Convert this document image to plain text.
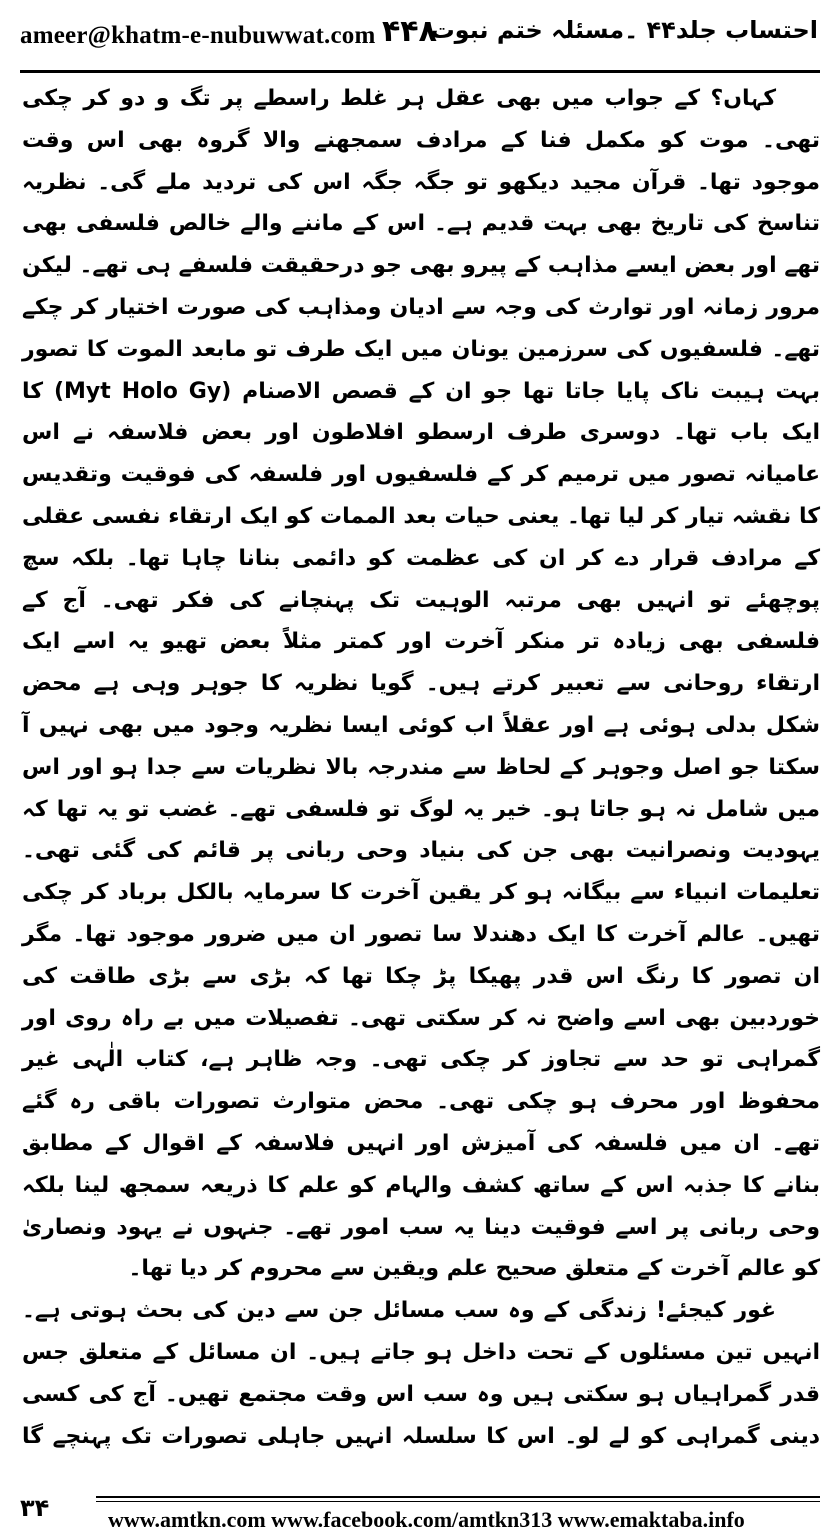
ameer@khatm-e-nubuwwat.com ۴۴۸
احتساب جلد۴۴ ۔مسئلہ ختم نبوت

کہاں؟ کے جواب میں بھی عقل ہر غلط راسطے پر تگ و دو کر چکی تھی۔ موت کو مکمل فنا کے مرادف سمجھنے والا گروہ بھی اس وقت موجود تھا۔ قرآن مجید دیکھو تو جگہ جگہ اس کی تردید ملے گی۔ نظریہ تناسخ کی تاریخ بھی بہت قدیم ہے۔ اس کے ماننے والے خالص فلسفی بھی تھے اور بعض ایسے مذاہب کے پیرو بھی جو درحقیقت فلسفے ہی تھے۔ لیکن مرور زمانہ اور توارث کی وجہ سے ادیان ومذاہب کی صورت اختیار کر چکے تھے۔ فلسفیوں کی سرزمین یونان میں ایک طرف تو مابعد الموت کا تصور بہت ہیبت ناک پایا جاتا تھا جو ان کے قصص الاصنام (Myt Holo Gy) کا ایک باب تھا۔ دوسری طرف ارسطو افلاطون اور بعض فلاسفہ نے اس عامیانہ تصور میں ترمیم کر کے فلسفیوں اور فلسفہ کی فوقیت وتقدیس کا نقشہ تیار کر لیا تھا۔ یعنی حیات بعد الممات کو ایک ارتقاء نفسی عقلی کے مرادف قرار دے کر ان کی عظمت کو دائمی بنانا چاہا تھا۔ بلکہ سچ پوچھئے تو انہیں بھی مرتبہ الوہیت تک پہنچانے کی فکر تھی۔ آج کے فلسفی بھی زیادہ تر منکر آخرت اور کمتر مثلاً بعض تھیو یہ اسے ایک ارتقاء روحانی سے تعبیر کرتے ہیں۔ گویا نظریہ کا جوہر وہی ہے محض شکل بدلی ہوئی ہے اور عقلاً اب کوئی ایسا نظریہ وجود میں بھی نہیں آ سکتا جو اصل وجوہر کے لحاظ سے مندرجہ بالا نظریات سے جدا ہو اور اس میں شامل نہ ہو جاتا ہو۔ خیر یہ لوگ تو فلسفی تھے۔ غضب تو یہ تھا کہ یہودیت ونصرانیت بھی جن کی بنیاد وحی ربانی پر قائم کی گئی تھی۔ تعلیمات انبیاء سے بیگانہ ہو کر یقین آخرت کا سرمایہ بالکل برباد کر چکی تھیں۔ عالم آخرت کا ایک دھندلا سا تصور ان میں ضرور موجود تھا۔ مگر ان تصور کا رنگ اس قدر پھیکا پڑ چکا تھا کہ بڑی سے بڑی طاقت کی خوردبین بھی اسے واضح نہ کر سکتی تھی۔ تفصیلات میں بے راہ روی اور گمراہی تو حد سے تجاوز کر چکی تھی۔ وجہ ظاہر ہے، کتاب الٰہی غیر محفوظ اور محرف ہو چکی تھی۔ محض متوارث تصورات باقی رہ گئے تھے۔ ان میں فلسفہ کی آمیزش اور انہیں فلاسفہ کے اقوال کے مطابق بنانے کا جذبہ اس کے ساتھ کشف والہام کو علم کا ذریعہ سمجھ لینا بلکہ وحی ربانی پر اسے فوقیت دینا یہ سب امور تھے۔ جنہوں نے یہود ونصاریٰ کو عالم آخرت کے متعلق صحیح علم ویقین سے محروم کر دیا تھا۔

غور کیجئے! زندگی کے وہ سب مسائل جن سے دین کی بحث ہوتی ہے۔ انہیں تین مسئلوں کے تحت داخل ہو جاتے ہیں۔ ان مسائل کے متعلق جس قدر گمراہیاں ہو سکتی ہیں وہ سب اس وقت مجتمع تھیں۔ آج کی کسی دینی گمراہی کو لے لو۔ اس کا سلسلہ انہیں جاہلی تصورات تک پہنچے گا

۳۴	www.amtkn.com www.facebook.com/amtkn313 www.emaktaba.info
